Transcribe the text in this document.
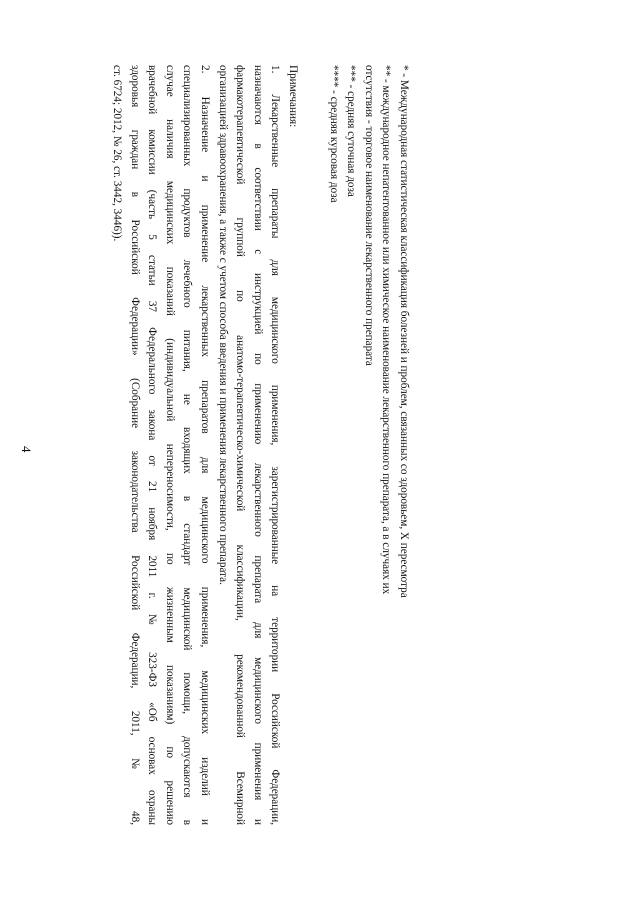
4	* - Международная статистическая классификация болезней и проблем, связанных со здоровьем, X пересмотра
** - международное непатентованное или химическое наименование лекарственного препарата, а в случаях их
отсутствия - торговое наименование лекарственного препарата
*** - средняя суточная доза
**** - средняя курсовая доза
Примечания:
1. Лекарственные препараты для медицинского применения, зарегистрированные на территории Российской Федерации,
назначаются в соответствии с инструкцией по применению лекарственного препарата для медицинского применения и
фармакотерапевтической группой по анатомо-терапевтическо-химической классификации, рекомендованной Всемирной
организацией здравоохранения, а также с учетом способа введения и применения лекарственного препарата.
2. Назначение и применение лекарственных препаратов для медицинского применения, медицинских изделий и
специализированных продуктов лечебного питания, не входящих в стандарт медицинской помощи, допускаются в
случае наличия медицинских показаний (индивидуальной непереносимости, по жизненным показаниям) по решению
врачебной комиссии (часть 5 статьи 37 Федерального закона от 21 ноября 2011 г. № 323-ФЗ «Об основах охраны
здоровья граждан в Российской Федерации» (Собрание законодательства Российской Федерации, 2011, № 48,
ст. 6724; 2012, № 26, ст. 3442, 3446)).
